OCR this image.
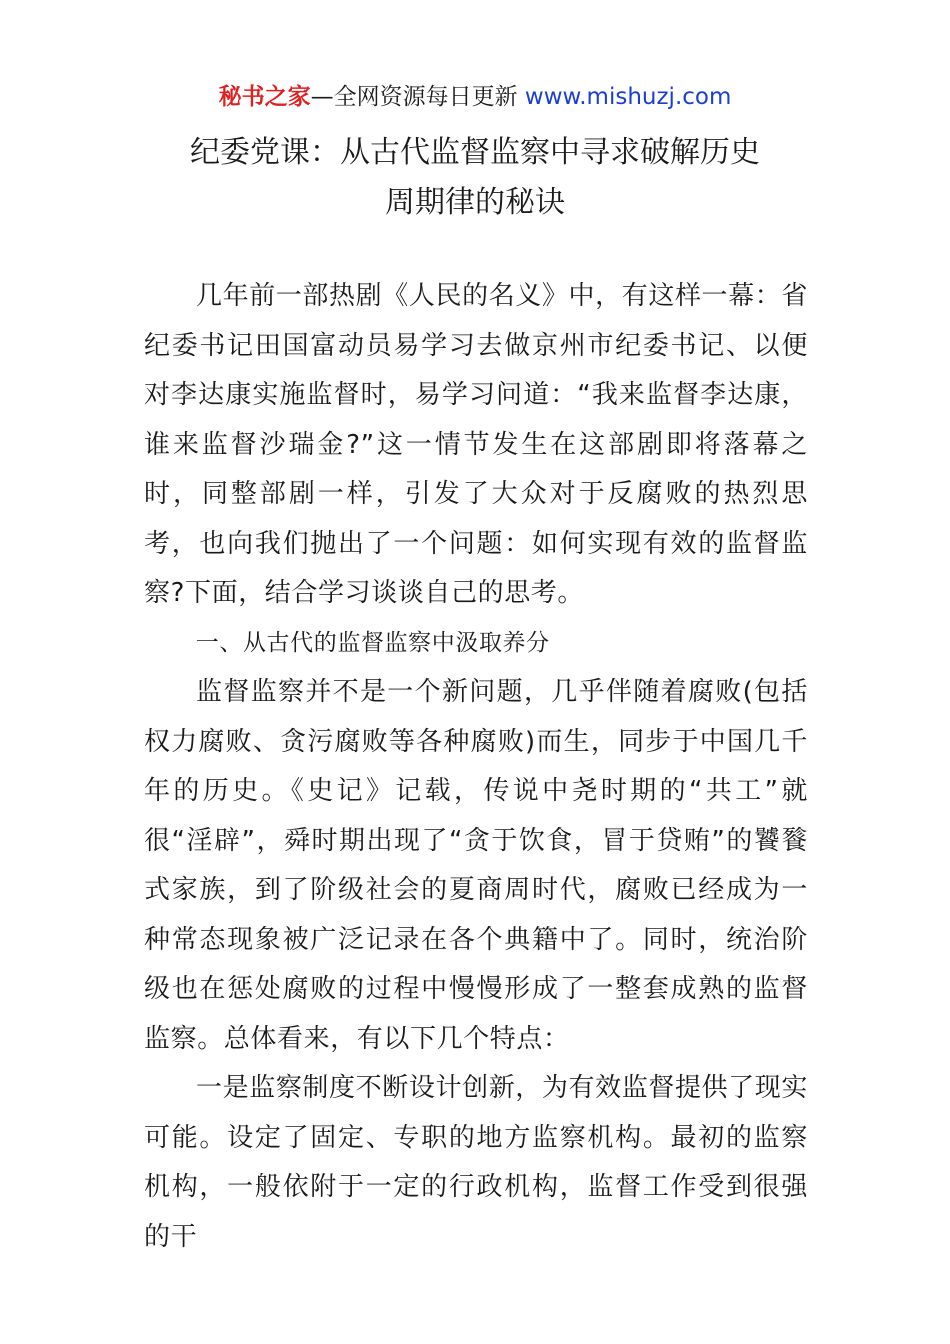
秘书之家—全网资源每日更新 www.mishuzj.com
纪委党课：从古代监督监察中寻求破解历史
周期律的秘诀

几年前一部热剧《人民的名义》中，有这样一幕：省纪委书记田国富动员易学习去做京州市纪委书记、以便对李达康实施监督时，易学习问道：“我来监督李达康，谁来监督沙瑞金?”这一情节发生在这部剧即将落幕之时，同整部剧一样，引发了大众对于反腐败的热烈思考，也向我们抛出了一个问题：如何实现有效的监督监察?下面，结合学习谈谈自己的思考。

一、从古代的监督监察中汲取养分

监督监察并不是一个新问题，几乎伴随着腐败(包括权力腐败、贪污腐败等各种腐败)而生，同步于中国几千年的历史。《史记》记载，传说中尧时期的“共工”就很“淫辟”，舜时期出现了“贪于饮食，冒于贷贿”的饕餮式家族，到了阶级社会的夏商周时代，腐败已经成为一种常态现象被广泛记录在各个典籍中了。同时，统治阶级也在惩处腐败的过程中慢慢形成了一整套成熟的监督监察。总体看来，有以下几个特点：

一是监察制度不断设计创新，为有效监督提供了现实可能。设定了固定、专职的地方监察机构。最初的监察机构，一般依附于一定的行政机构，监督工作受到很强的干
